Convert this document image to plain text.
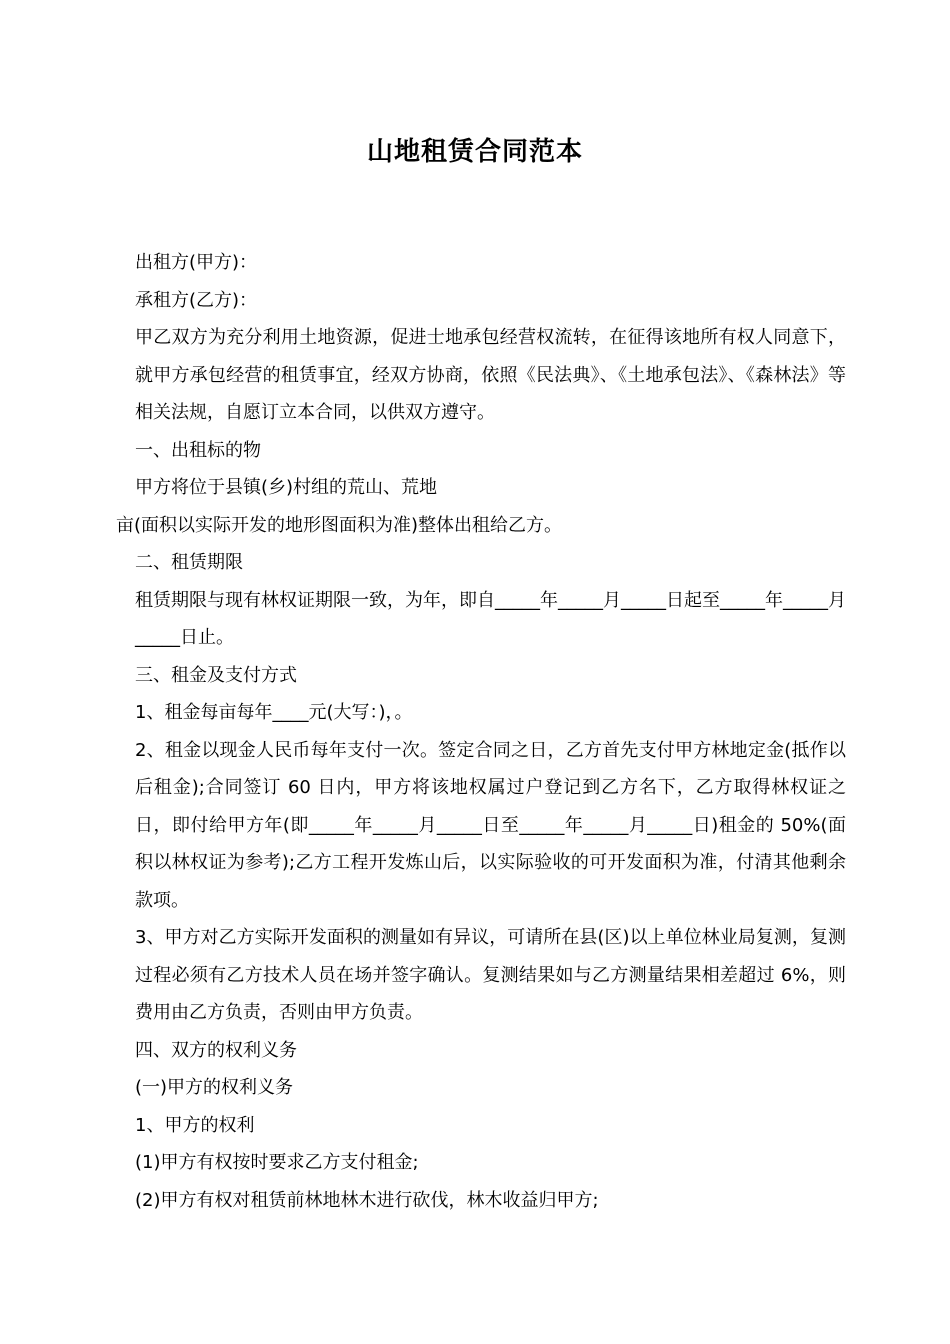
山地租赁合同范本

出租方(甲方)：

承租方(乙方)：

甲乙双方为充分利用土地资源，促进士地承包经营权流转，在征得该地所有权人同意下，就甲方承包经营的租赁事宜，经双方协商，依照《民法典》、《土地承包法》、《森林法》等相关法规，自愿订立本合同，以供双方遵守。

一、出租标的物

甲方将位于县镇(乡)村组的荒山、荒地

亩(面积以实际开发的地形图面积为准)整体出租给乙方。

二、租赁期限

租赁期限与现有林权证期限一致，为年，即自_____年_____月_____日起至_____年_____月_____日止。

三、租金及支付方式

1、租金每亩每年____元(大写：)，。

2、租金以现金人民币每年支付一次。签定合同之日，乙方首先支付甲方林地定金(抵作以后租金);合同签订 60 日内，甲方将该地权属过户登记到乙方名下，乙方取得林权证之日，即付给甲方年(即_____年_____月_____日至_____年_____月_____日)租金的 50%(面积以林权证为参考);乙方工程开发炼山后，以实际验收的可开发面积为准，付清其他剩余款项。

3、甲方对乙方实际开发面积的测量如有异议，可请所在县(区)以上单位林业局复测，复测过程必须有乙方技术人员在场并签字确认。复测结果如与乙方测量结果相差超过 6%，则费用由乙方负责，否则由甲方负责。

四、双方的权利义务

(一)甲方的权利义务

1、甲方的权利

(1)甲方有权按时要求乙方支付租金;

(2)甲方有权对租赁前林地林木进行砍伐，林木收益归甲方;
